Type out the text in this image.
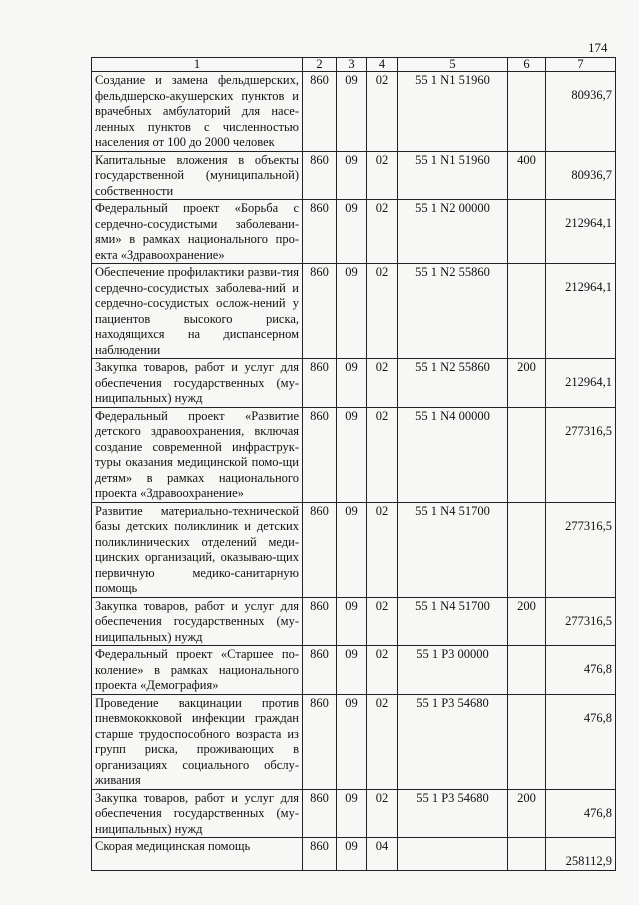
174
1	2	3	4	5	6	7
Создание и замена фельдшерских, фельдшерско-акушерских пунктов и врачебных амбулаторий для насе-ленных пунктов с численностью населения от 100 до 2000 человек	860	09	02	55 1 N1 51960		80936,7
Капитальные вложения в объекты государственной (муниципальной) собственности	860	09	02	55 1 N1 51960	400	80936,7
Федеральный проект «Борьба с сердечно-сосудистыми заболевани-ями» в рамках национального про-екта «Здравоохранение»	860	09	02	55 1 N2 00000		212964,1
Обеспечение профилактики разви-тия сердечно-сосудистых заболева-ний и сердечно-сосудистых ослож-нений у пациентов высокого риска, находящихся на диспансерном наблюдении	860	09	02	55 1 N2 55860		212964,1
Закупка товаров, работ и услуг для обеспечения государственных (му-ниципальных) нужд	860	09	02	55 1 N2 55860	200	212964,1
Федеральный проект «Развитие детского здравоохранения, включая создание современной инфраструк-туры оказания медицинской помо-щи детям» в рамках национального проекта «Здравоохранение»	860	09	02	55 1 N4 00000		277316,5
Развитие материально-технической базы детских поликлиник и детских поликлинических отделений меди-цинских организаций, оказываю-щих первичную медико-санитарную помощь	860	09	02	55 1 N4 51700		277316,5
Закупка товаров, работ и услуг для обеспечения государственных (му-ниципальных) нужд	860	09	02	55 1 N4 51700	200	277316,5
Федеральный проект «Старшее по-коление» в рамках национального проекта «Демография»	860	09	02	55 1 P3 00000		476,8
Проведение вакцинации против пневмококковой инфекции граждан старше трудоспособного возраста из групп риска, проживающих в организациях социального обслу-живания	860	09	02	55 1 P3 54680		476,8
Закупка товаров, работ и услуг для обеспечения государственных (му-ниципальных) нужд	860	09	02	55 1 P3 54680	200	476,8
Скорая медицинская помощь	860	09	04			258112,9
